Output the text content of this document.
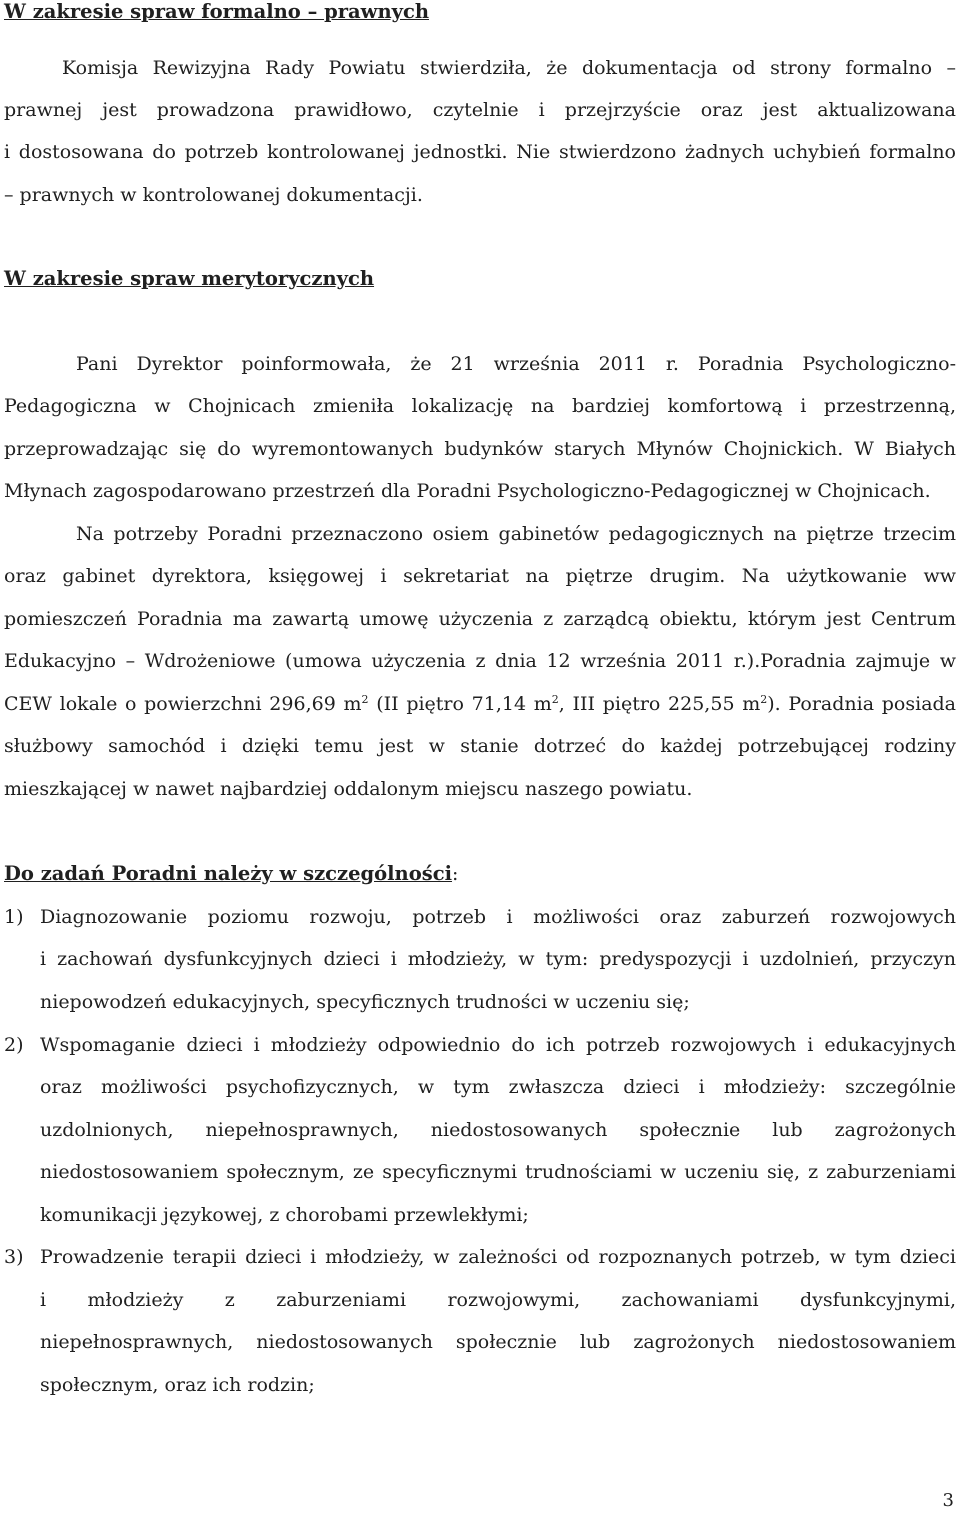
W zakresie spraw formalno – prawnych
Komisja Rewizyjna Rady Powiatu stwierdziła, że dokumentacja od strony formalno –
prawnej jest prowadzona prawidłowo, czytelnie i przejrzyście oraz jest aktualizowana
i dostosowana do potrzeb kontrolowanej jednostki. Nie stwierdzono żadnych uchybień formalno
– prawnych w kontrolowanej dokumentacji.
W zakresie spraw merytorycznych
Pani Dyrektor poinformowała, że 21 września 2011 r. Poradnia Psychologiczno-
Pedagogiczna w Chojnicach zmieniła lokalizację na bardziej komfortową i przestrzenną,
przeprowadzając się do wyremontowanych budynków starych Młynów Chojnickich. W Białych
Młynach zagospodarowano przestrzeń dla Poradni Psychologiczno-Pedagogicznej w Chojnicach.
Na potrzeby Poradni przeznaczono osiem gabinetów pedagogicznych na piętrze trzecim
oraz gabinet dyrektora, księgowej i sekretariat na piętrze drugim. Na użytkowanie ww
pomieszczeń Poradnia ma zawartą umowę użyczenia z zarządcą obiektu, którym jest Centrum
Edukacyjno – Wdrożeniowe (umowa użyczenia z dnia 12 września 2011 r.).Poradnia zajmuje w
CEW lokale o powierzchni 296,69 $m^2$ (II piętro 71,14 $m^2$, III piętro 225,55 $m^2$). Poradnia posiada
służbowy samochód i dzięki temu jest w stanie dotrzeć do każdej potrzebującej rodziny
mieszkającej w nawet najbardziej oddalonym miejscu naszego powiatu.
Do zadań Poradni należy w szczególności:
1) Diagnozowanie poziomu rozwoju, potrzeb i możliwości oraz zaburzeń rozwojowych
i zachowań dysfunkcyjnych dzieci i młodzieży, w tym: predyspozycji i uzdolnień, przyczyn
niepowodzeń edukacyjnych, specyficznych trudności w uczeniu się;
2) Wspomaganie dzieci i młodzieży odpowiednio do ich potrzeb rozwojowych i edukacyjnych
oraz możliwości psychofizycznych, w tym zwłaszcza dzieci i młodzieży: szczególnie
uzdolnionych, niepełnosprawnych, niedostosowanych społecznie lub zagrożonych
niedostosowaniem społecznym, ze specyficznymi trudnościami w uczeniu się, z zaburzeniami
komunikacji językowej, z chorobami przewlekłymi;
3) Prowadzenie terapii dzieci i młodzieży, w zależności od rozpoznanych potrzeb, w tym dzieci
i młodzieży z zaburzeniami rozwojowymi, zachowaniami dysfunkcyjnymi,
niepełnosprawnych, niedostosowanych społecznie lub zagrożonych niedostosowaniem
społecznym, oraz ich rodzin;
3
